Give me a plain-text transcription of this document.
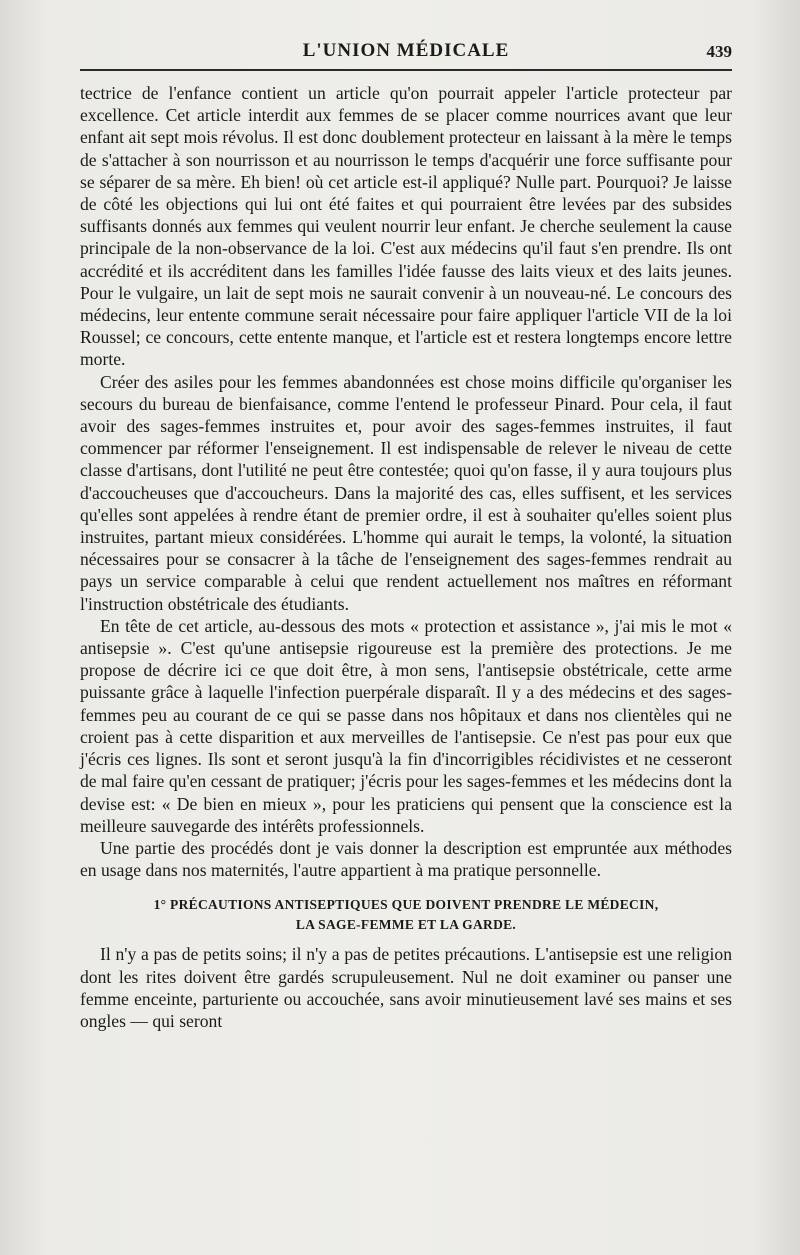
L'UNION MÉDICALE	439

tectrice de l'enfance contient un article qu'on pourrait appeler l'article protecteur par excellence. Cet article interdit aux femmes de se placer comme nourrices avant que leur enfant ait sept mois révolus. Il est donc doublement protecteur en laissant à la mère le temps de s'attacher à son nourrisson et au nourrisson le temps d'acquérir une force suffisante pour se séparer de sa mère. Eh bien! où cet article est-il appliqué? Nulle part. Pourquoi? Je laisse de côté les objections qui lui ont été faites et qui pourraient être levées par des subsides suffisants donnés aux femmes qui veulent nourrir leur enfant. Je cherche seulement la cause principale de la non-observance de la loi. C'est aux médecins qu'il faut s'en prendre. Ils ont accrédité et ils accréditent dans les familles l'idée fausse des laits vieux et des laits jeunes. Pour le vulgaire, un lait de sept mois ne saurait convenir à un nouveau-né. Le concours des médecins, leur entente commune serait nécessaire pour faire appliquer l'article VII de la loi Roussel; ce concours, cette entente manque, et l'article est et restera longtemps encore lettre morte.

Créer des asiles pour les femmes abandonnées est chose moins difficile qu'organiser les secours du bureau de bienfaisance, comme l'entend le professeur Pinard. Pour cela, il faut avoir des sages-femmes instruites et, pour avoir des sages-femmes instruites, il faut commencer par réformer l'enseignement. Il est indispensable de relever le niveau de cette classe d'artisans, dont l'utilité ne peut être contestée; quoi qu'on fasse, il y aura toujours plus d'accoucheuses que d'accoucheurs. Dans la majorité des cas, elles suffisent, et les services qu'elles sont appelées à rendre étant de premier ordre, il est à souhaiter qu'elles soient plus instruites, partant mieux considérées. L'homme qui aurait le temps, la volonté, la situation nécessaires pour se consacrer à la tâche de l'enseignement des sages-femmes rendrait au pays un service comparable à celui que rendent actuellement nos maîtres en réformant l'instruction obstétricale des étudiants.

En tête de cet article, au-dessous des mots « protection et assistance », j'ai mis le mot « antisepsie ». C'est qu'une antisepsie rigoureuse est la première des protections. Je me propose de décrire ici ce que doit être, à mon sens, l'antisepsie obstétricale, cette arme puissante grâce à laquelle l'infection puerpérale disparaît. Il y a des médecins et des sages-femmes peu au courant de ce qui se passe dans nos hôpitaux et dans nos clientèles qui ne croient pas à cette disparition et aux merveilles de l'antisepsie. Ce n'est pas pour eux que j'écris ces lignes. Ils sont et seront jusqu'à la fin d'incorrigibles récidivistes et ne cesseront de mal faire qu'en cessant de pratiquer; j'écris pour les sages-femmes et les médecins dont la devise est: « De bien en mieux », pour les praticiens qui pensent que la conscience est la meilleure sauvegarde des intérêts professionnels.

Une partie des procédés dont je vais donner la description est empruntée aux méthodes en usage dans nos maternités, l'autre appartient à ma pratique personnelle.

1° PRÉCAUTIONS ANTISEPTIQUES QUE DOIVENT PRENDRE LE MÉDECIN,
LA SAGE-FEMME ET LA GARDE.

Il n'y a pas de petits soins; il n'y a pas de petites précautions. L'antisepsie est une religion dont les rites doivent être gardés scrupuleusement. Nul ne doit examiner ou panser une femme enceinte, parturiente ou accouchée, sans avoir minutieusement lavé ses mains et ses ongles — qui seront
